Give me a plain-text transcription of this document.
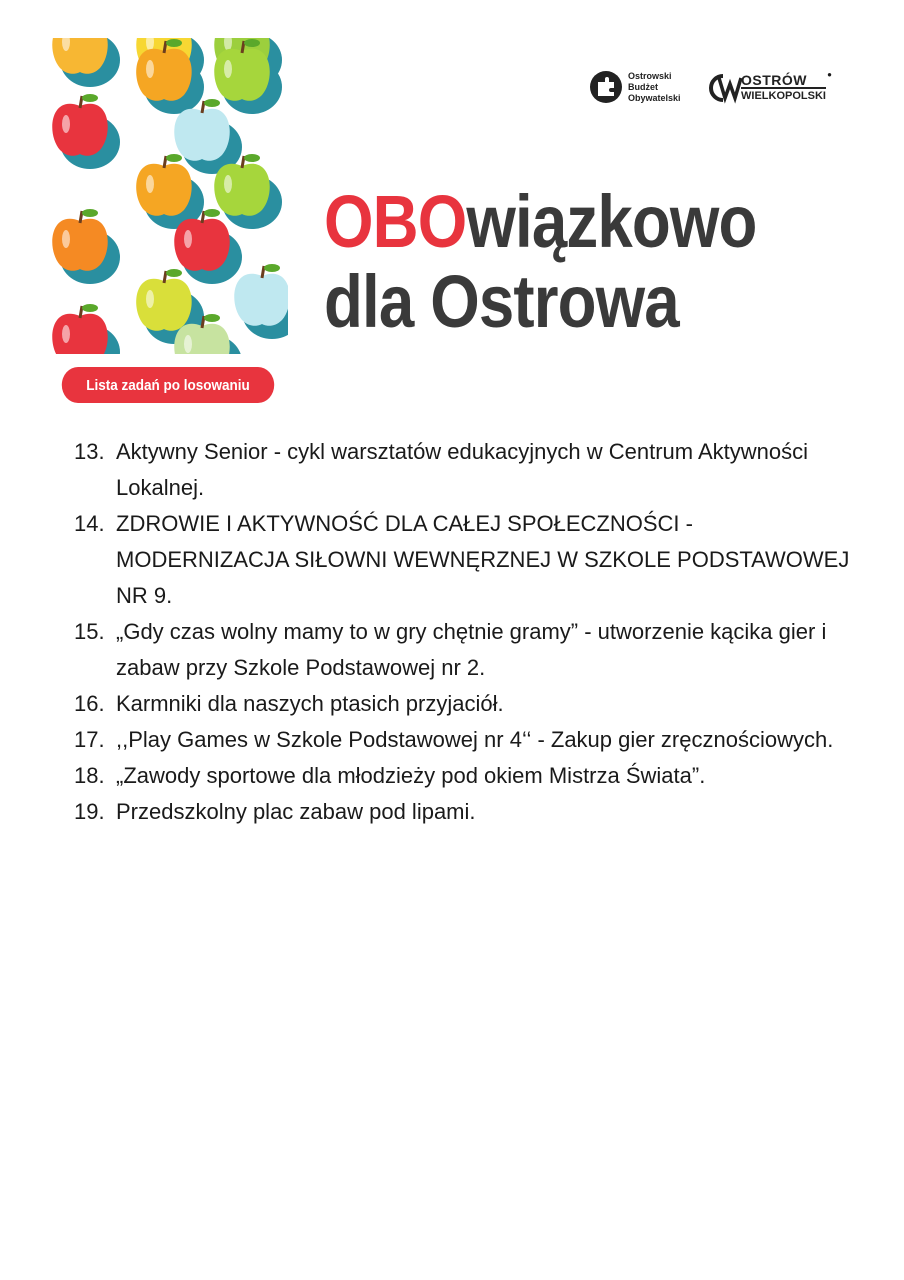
Lista zadań po losowaniu
Ostrowski
Budżet
Obywatelski
OSTRÓW
WIELKOPOLSKI
●
OBOwiązkowo
dla Ostrowa
13. Aktywny Senior - cykl warsztatów edukacyjnych w Centrum Aktywności Lokalnej.
14. ZDROWIE I AKTYWNOŚĆ DLA CAŁEJ SPOŁECZNOŚCI - MODERNIZACJA SIŁOWNI WEWNĘRZNEJ W SZKOLE PODSTAWOWEJ NR 9.
15. „Gdy czas wolny mamy to w gry chętnie gramy” - utworzenie kącika gier i zabaw przy Szkole Podstawowej nr 2.
16. Karmniki dla naszych ptasich przyjaciół.
17. ,,Play Games w Szkole Podstawowej nr 4‘‘ - Zakup gier zręcznościowych.
18. „Zawody sportowe dla młodzieży pod okiem Mistrza Świata”.
19. Przedszkolny plac zabaw pod lipami.
